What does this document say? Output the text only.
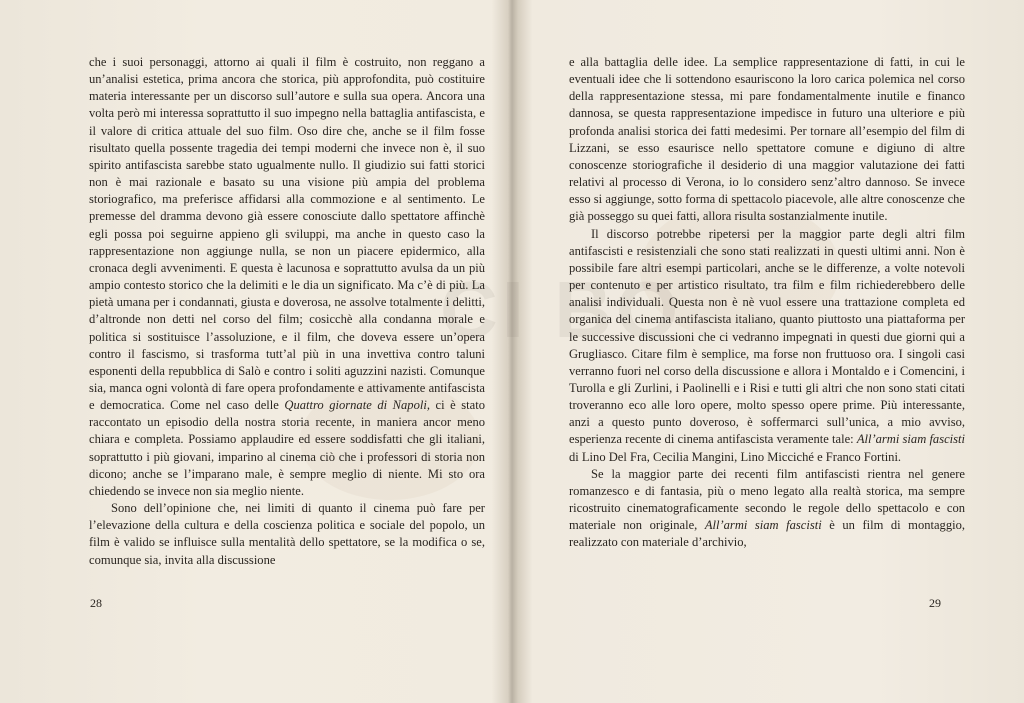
CI BO

che i suoi personaggi, attorno ai quali il film è costruito, non reggano a un’analisi estetica, prima ancora che storica, più approfondita, può costituire materia interessante per un discorso sull’autore e sulla sua opera. Ancora una volta però mi interessa soprattutto il suo impegno nella battaglia antifascista, e il valore di critica attuale del suo film. Oso dire che, anche se il film fosse risultato quella possente tragedia dei tempi moderni che invece non è, il suo spirito antifascista sarebbe stato ugualmente nullo. Il giudizio sui fatti storici non è mai razionale e basato su una visione più ampia del problema storiografico, ma preferisce affidarsi alla commozione e al sentimento. Le premesse del dramma devono già essere conosciute dallo spettatore affinchè egli possa poi seguirne appieno gli sviluppi, ma anche in questo caso la rappresentazione non aggiunge nulla, se non un piacere epidermico, alla cronaca degli avvenimenti. E questa è lacunosa e soprattutto avulsa da un più ampio contesto storico che la delimiti e le dia un significato. Ma c’è di più. La pietà umana per i condannati, giusta e doverosa, ne assolve totalmente i delitti, d’altronde non detti nel corso del film; cosicchè alla condanna morale e politica si sostituisce l’assoluzione, e il film, che doveva essere un’opera contro il fascismo, si trasforma tutt’al più in una invettiva contro taluni esponenti della repubblica di Salò e contro i soliti aguzzini nazisti. Comunque sia, manca ogni volontà di fare opera profondamente e attivamente antifascista e democratica. Come nel caso delle Quattro giornate di Napoli, ci è stato raccontato un episodio della nostra storia recente, in maniera ancor meno chiara e completa. Possiamo applaudire ed essere soddisfatti che gli italiani, soprattutto i più giovani, imparino al cinema ciò che i professori di storia non dicono; anche se l’imparano male, è sempre meglio di niente. Mi sto ora chiedendo se invece non sia meglio niente.

Sono dell’opinione che, nei limiti di quanto il cinema può fare per l’elevazione della cultura e della coscienza politica e sociale del popolo, un film è valido se influisce sulla mentalità dello spettatore, se la modifica o se, comunque sia, invita alla discussione

28

e alla battaglia delle idee. La semplice rappresentazione di fatti, in cui le eventuali idee che li sottendono esauriscono la loro carica polemica nel corso della rappresentazione stessa, mi pare fondamentalmente inutile e financo dannosa, se questa rappresentazione impedisce in futuro una ulteriore e più profonda analisi storica dei fatti medesimi. Per tornare all’esempio del film di Lizzani, se esso esaurisce nello spettatore comune e digiuno di altre conoscenze storiografiche il desiderio di una maggior valutazione dei fatti relativi al processo di Verona, io lo considero senz’altro dannoso. Se invece esso si aggiunge, sotto forma di spettacolo piacevole, alle altre conoscenze che già posseggo su quei fatti, allora risulta sostanzialmente inutile.

Il discorso potrebbe ripetersi per la maggior parte degli altri film antifascisti e resistenziali che sono stati realizzati in questi ultimi anni. Non è possibile fare altri esempi particolari, anche se le differenze, a volte notevoli per contenuto e per artistico risultato, tra film e film richiederebbero delle analisi individuali. Questa non è nè vuol essere una trattazione completa ed organica del cinema antifascista italiano, quanto piuttosto una piattaforma per le successive discussioni che ci vedranno impegnati in questi due giorni qui a Grugliasco. Citare film è semplice, ma forse non fruttuoso ora. I singoli casi verranno fuori nel corso della discussione e allora i Montaldo e i Comencini, i Turolla e gli Zurlini, i Paolinelli e i Risi e tutti gli altri che non sono stati citati troveranno eco alle loro opere, molto spesso opere prime. Più interessante, anzi a questo punto doveroso, è soffermarci sull’unica, a mio avviso, esperienza recente di cinema antifascista veramente tale: All’armi siam fascisti di Lino Del Fra, Cecilia Mangini, Lino Micciché e Franco Fortini.

Se la maggior parte dei recenti film antifascisti rientra nel genere romanzesco e di fantasia, più o meno legato alla realtà storica, ma sempre ricostruito cinematograficamente secondo le regole dello spettacolo e con materiale non originale, All’armi siam fascisti è un film di montaggio, realizzato con materiale d’archivio,

29
